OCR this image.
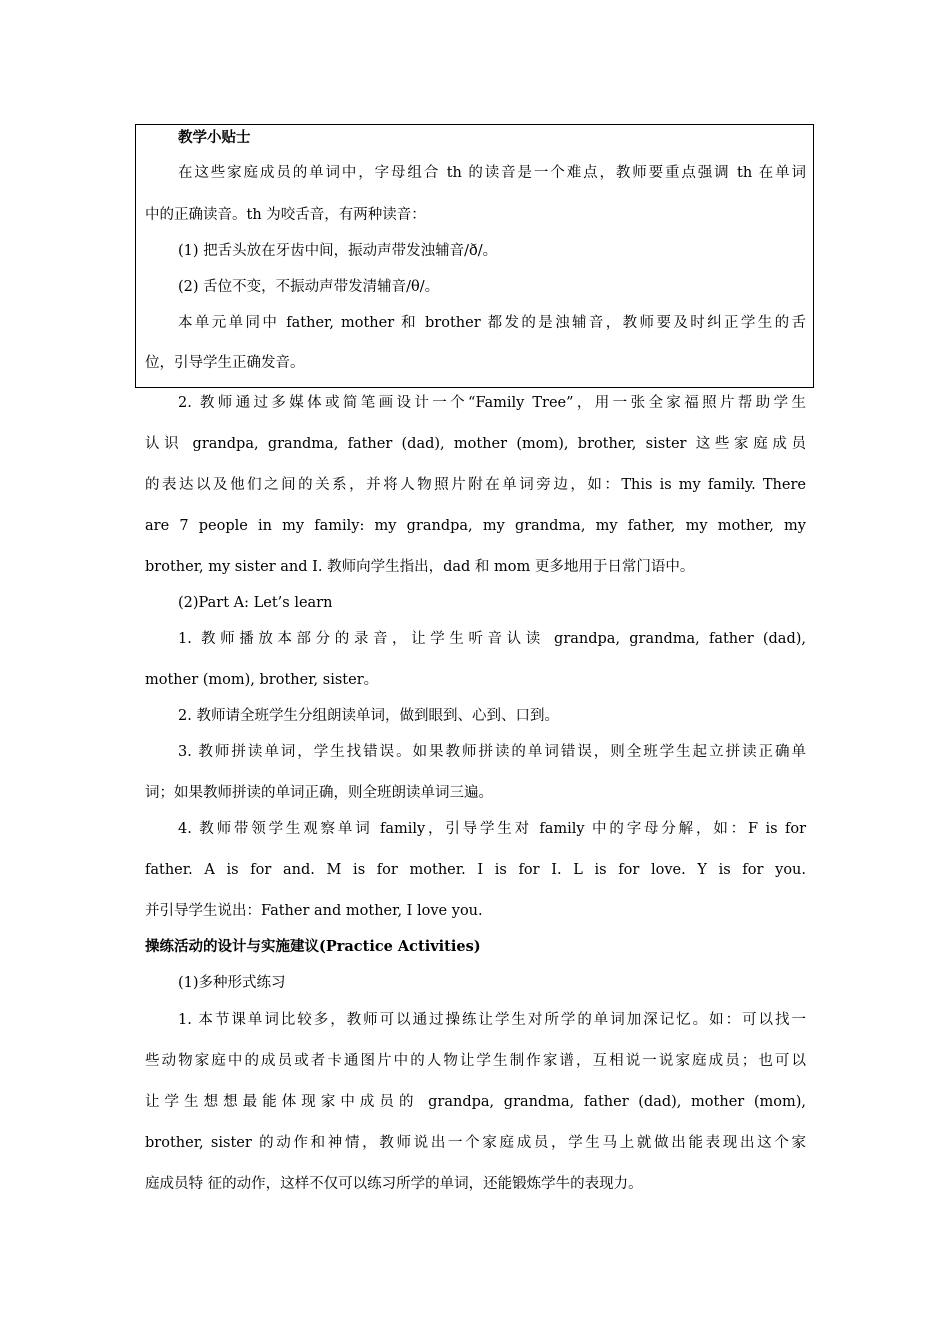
教学小贴士
在这些家庭成员的单词中，字母组合 th 的读音是一个难点，教师要重点强调 th 在单词
中的正确读音。th 为咬舌音，有两种读音：
(1) 把舌头放在牙齿中间，振动声带发浊辅音/ð/。
(2) 舌位不变，不振动声带发清辅音/θ/。
本单元单同中 father, mother 和 brother 都发的是浊辅音，教师要及时纠正学生的舌
位，引导学生正确发音。
2. 教师通过多媒体或简笔画设计一个“Family Tree”，用一张全家福照片帮助学生
认识 grandpa, grandma, father (dad), mother (mom), brother, sister 这些家庭成员
的表达以及他们之间的关系，并将人物照片附在单词旁边，如：This is my family. There
are 7 people in my family: my grandpa, my grandma, my father, my mother, my
brother, my sister and I. 教师向学生指出，dad 和 mom 更多地用于日常门语中。
(2)Part A: Let’s learn
1. 教师播放本部分的录音，让学生听音认读 grandpa, grandma, father (dad),
mother (mom), brother, sister。
2. 教师请全班学生分组朗读单词，做到眼到、心到、口到。
3. 教师拼读单词，学生找错误。如果教师拼读的单词错误，则全班学生起立拼读正确单
词；如果教师拼读的单词正确，则全班朗读单词三遍。
4. 教师带领学生观察单词 family，引导学生对 family 中的字母分解，如：F is for
father. A is for and. M is for mother. I is for I. L is for love. Y is for you.
并引导学生说出：Father and mother, I love you.
操练活动的设计与实施建议(Practice Activities)
(1)多种形式练习
1. 本节课单词比较多，教师可以通过操练让学生对所学的单词加深记忆。如：可以找一
些动物家庭中的成员或者卡通图片中的人物让学生制作家谱，互相说一说家庭成员；也可以
让学生想想最能体现家中成员的 grandpa, grandma, father (dad), mother (mom),
brother, sister 的动作和神情，教师说出一个家庭成员，学生马上就做出能表现出这个家
庭成员特 征的动作，这样不仅可以练习所学的单词，还能锻炼学牛的表现力。
